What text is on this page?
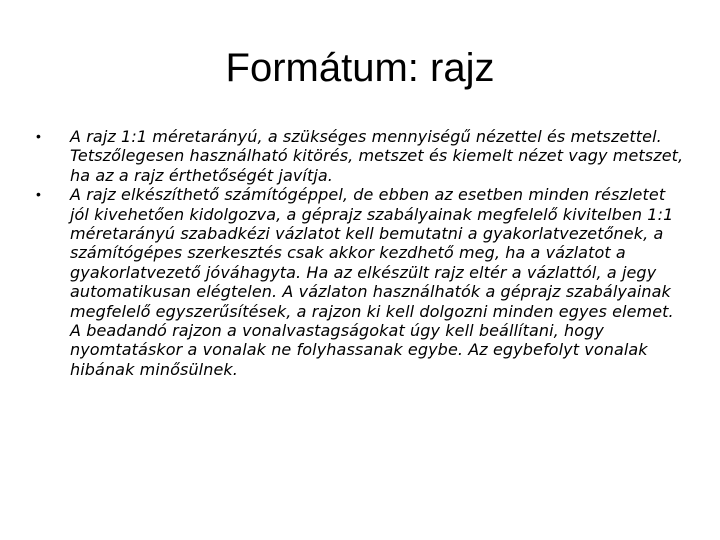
Formátum: rajz
•	A rajz 1:1 méretarányú, a szükséges mennyiségű nézettel és metszettel. Tetszőlegesen használható kitörés, metszet és kiemelt nézet vagy metszet, ha az a rajz érthetőségét javítja.
•	A rajz elkészíthető számítógéppel, de ebben az esetben minden részletet jól kivehetően kidolgozva, a géprajz szabályainak megfelelő kivitelben 1:1 méretarányú szabadkézi vázlatot kell bemutatni a gyakorlatvezetőnek, a számítógépes szerkesztés csak akkor kezdhető meg, ha a vázlatot a gyakorlatvezető jóváhagyta. Ha az elkészült rajz eltér a vázlattól, a jegy automatikusan elégtelen. A vázlaton használhatók a géprajz szabályainak megfelelő egyszerűsítések, a rajzon ki kell dolgozni minden egyes elemet. A beadandó rajzon a vonalvastagságokat úgy kell beállítani, hogy nyomtatáskor a vonalak ne folyhassanak egybe. Az egybefolyt vonalak hibának minősülnek.
